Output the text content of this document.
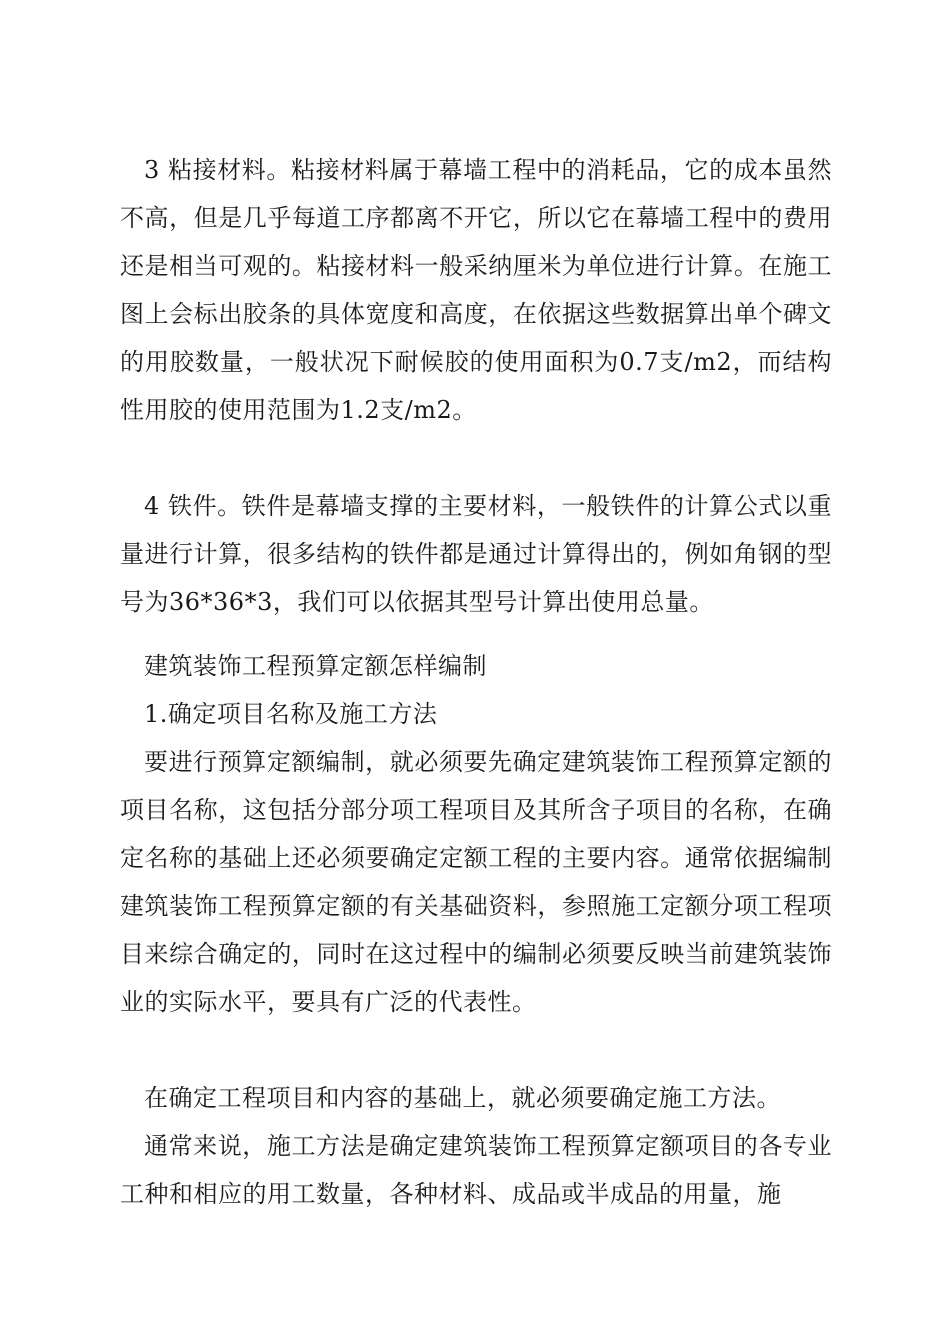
3 粘接材料。粘接材料属于幕墙工程中的消耗品，它的成本虽然不高，但是几乎每道工序都离不开它，所以它在幕墙工程中的费用还是相当可观的。粘接材料一般采纳厘米为单位进行计算。在施工图上会标出胶条的具体宽度和高度，在依据这些数据算出单个碑文的用胶数量，一般状况下耐候胶的使用面积为0.7支/m2，而结构性用胶的使用范围为1.2支/m2。

4 铁件。铁件是幕墙支撑的主要材料，一般铁件的计算公式以重量进行计算，很多结构的铁件都是通过计算得出的，例如角钢的型号为36*36*3，我们可以依据其型号计算出使用总量。

建筑装饰工程预算定额怎样编制

1.确定项目名称及施工方法

要进行预算定额编制，就必须要先确定建筑装饰工程预算定额的项目名称，这包括分部分项工程项目及其所含子项目的名称，在确定名称的基础上还必须要确定定额工程的主要内容。通常依据编制建筑装饰工程预算定额的有关基础资料，参照施工定额分项工程项目来综合确定的，同时在这过程中的编制必须要反映当前建筑装饰业的实际水平，要具有广泛的代表性。

在确定工程项目和内容的基础上，就必须要确定施工方法。

通常来说，施工方法是确定建筑装饰工程预算定额项目的各专业工种和相应的用工数量，各种材料、成品或半成品的用量，施
